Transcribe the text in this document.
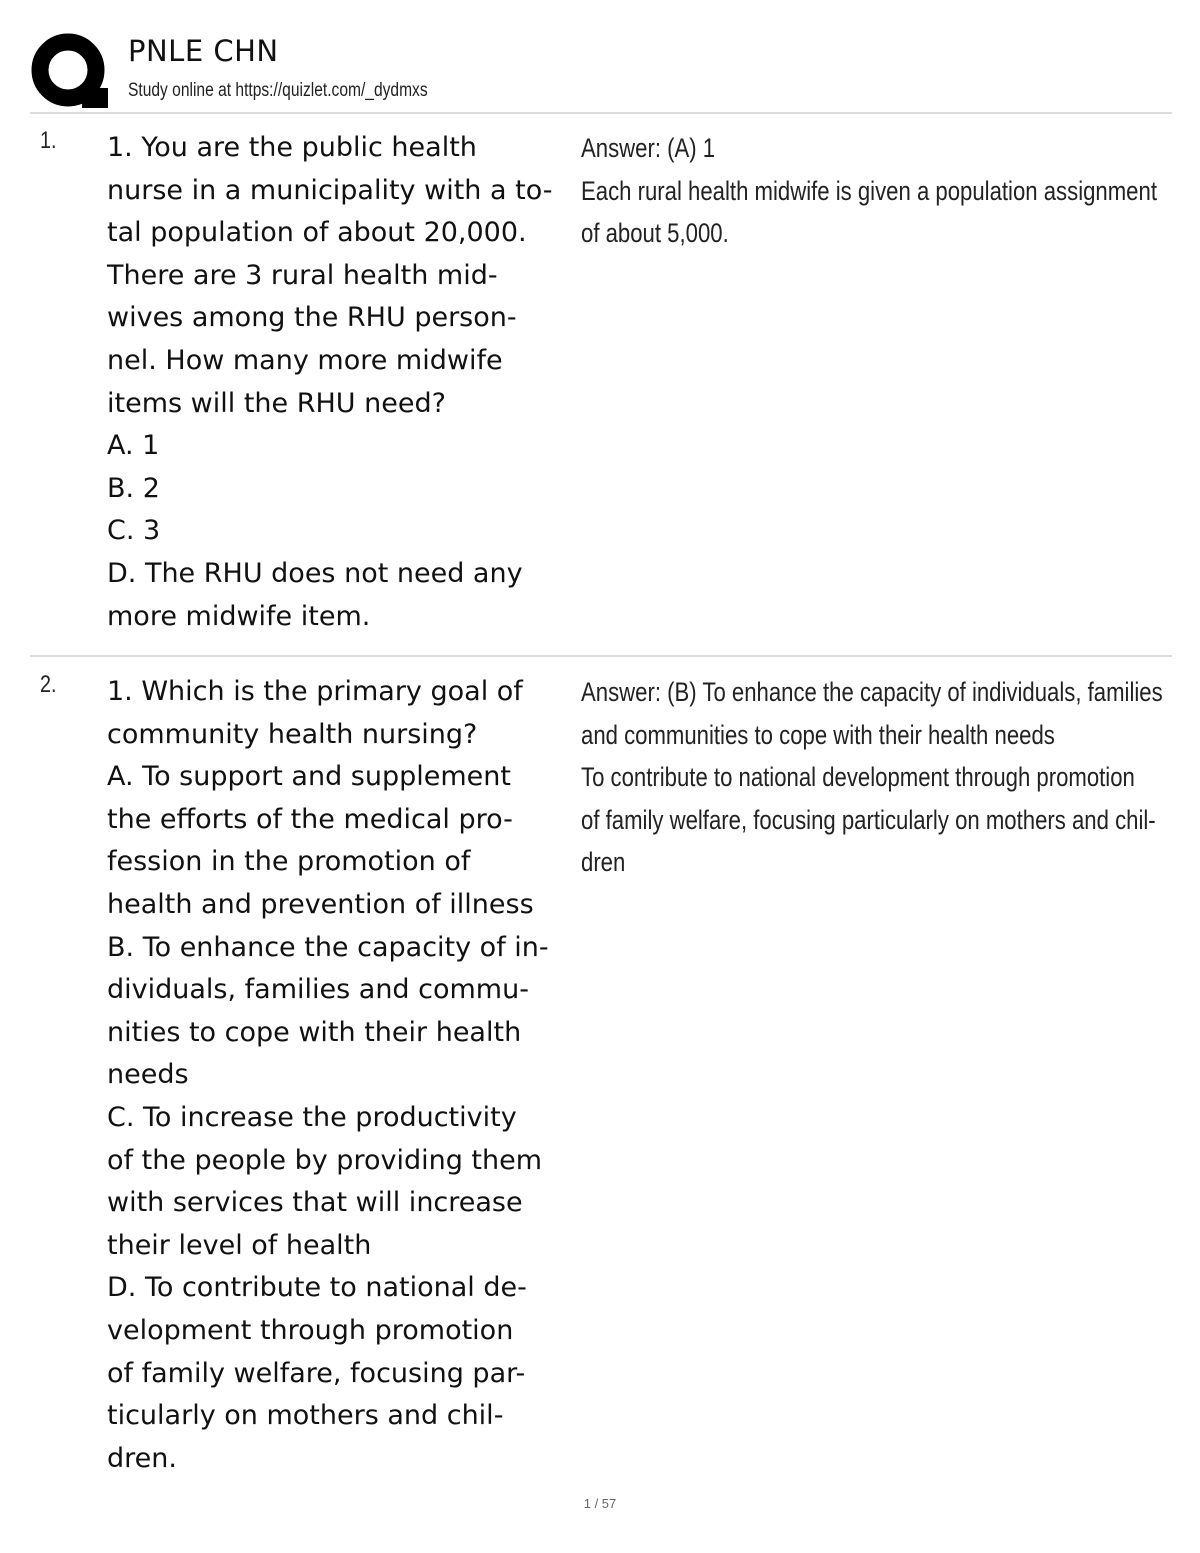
PNLE CHN
Study online at https://quizlet.com/_dydmxs
1. 1. You are the public health
nurse in a municipality with a to-
tal population of about 20,000.
There are 3 rural health mid-
wives among the RHU person-
nel. How many more midwife
items will the RHU need?
A. 1
B. 2
C. 3
D. The RHU does not need any
more midwife item.
Answer: (A) 1
Each rural health midwife is given a population assignment
of about 5,000.
2. 1. Which is the primary goal of
community health nursing?
A. To support and supplement
the efforts of the medical pro-
fession in the promotion of
health and prevention of illness
B. To enhance the capacity of in-
dividuals, families and commu-
nities to cope with their health
needs
C. To increase the productivity
of the people by providing them
with services that will increase
their level of health
D. To contribute to national de-
velopment through promotion
of family welfare, focusing par-
ticularly on mothers and chil-
dren.
Answer: (B) To enhance the capacity of individuals, families
and communities to cope with their health needs
To contribute to national development through promotion
of family welfare, focusing particularly on mothers and chil-
dren
1 / 57
